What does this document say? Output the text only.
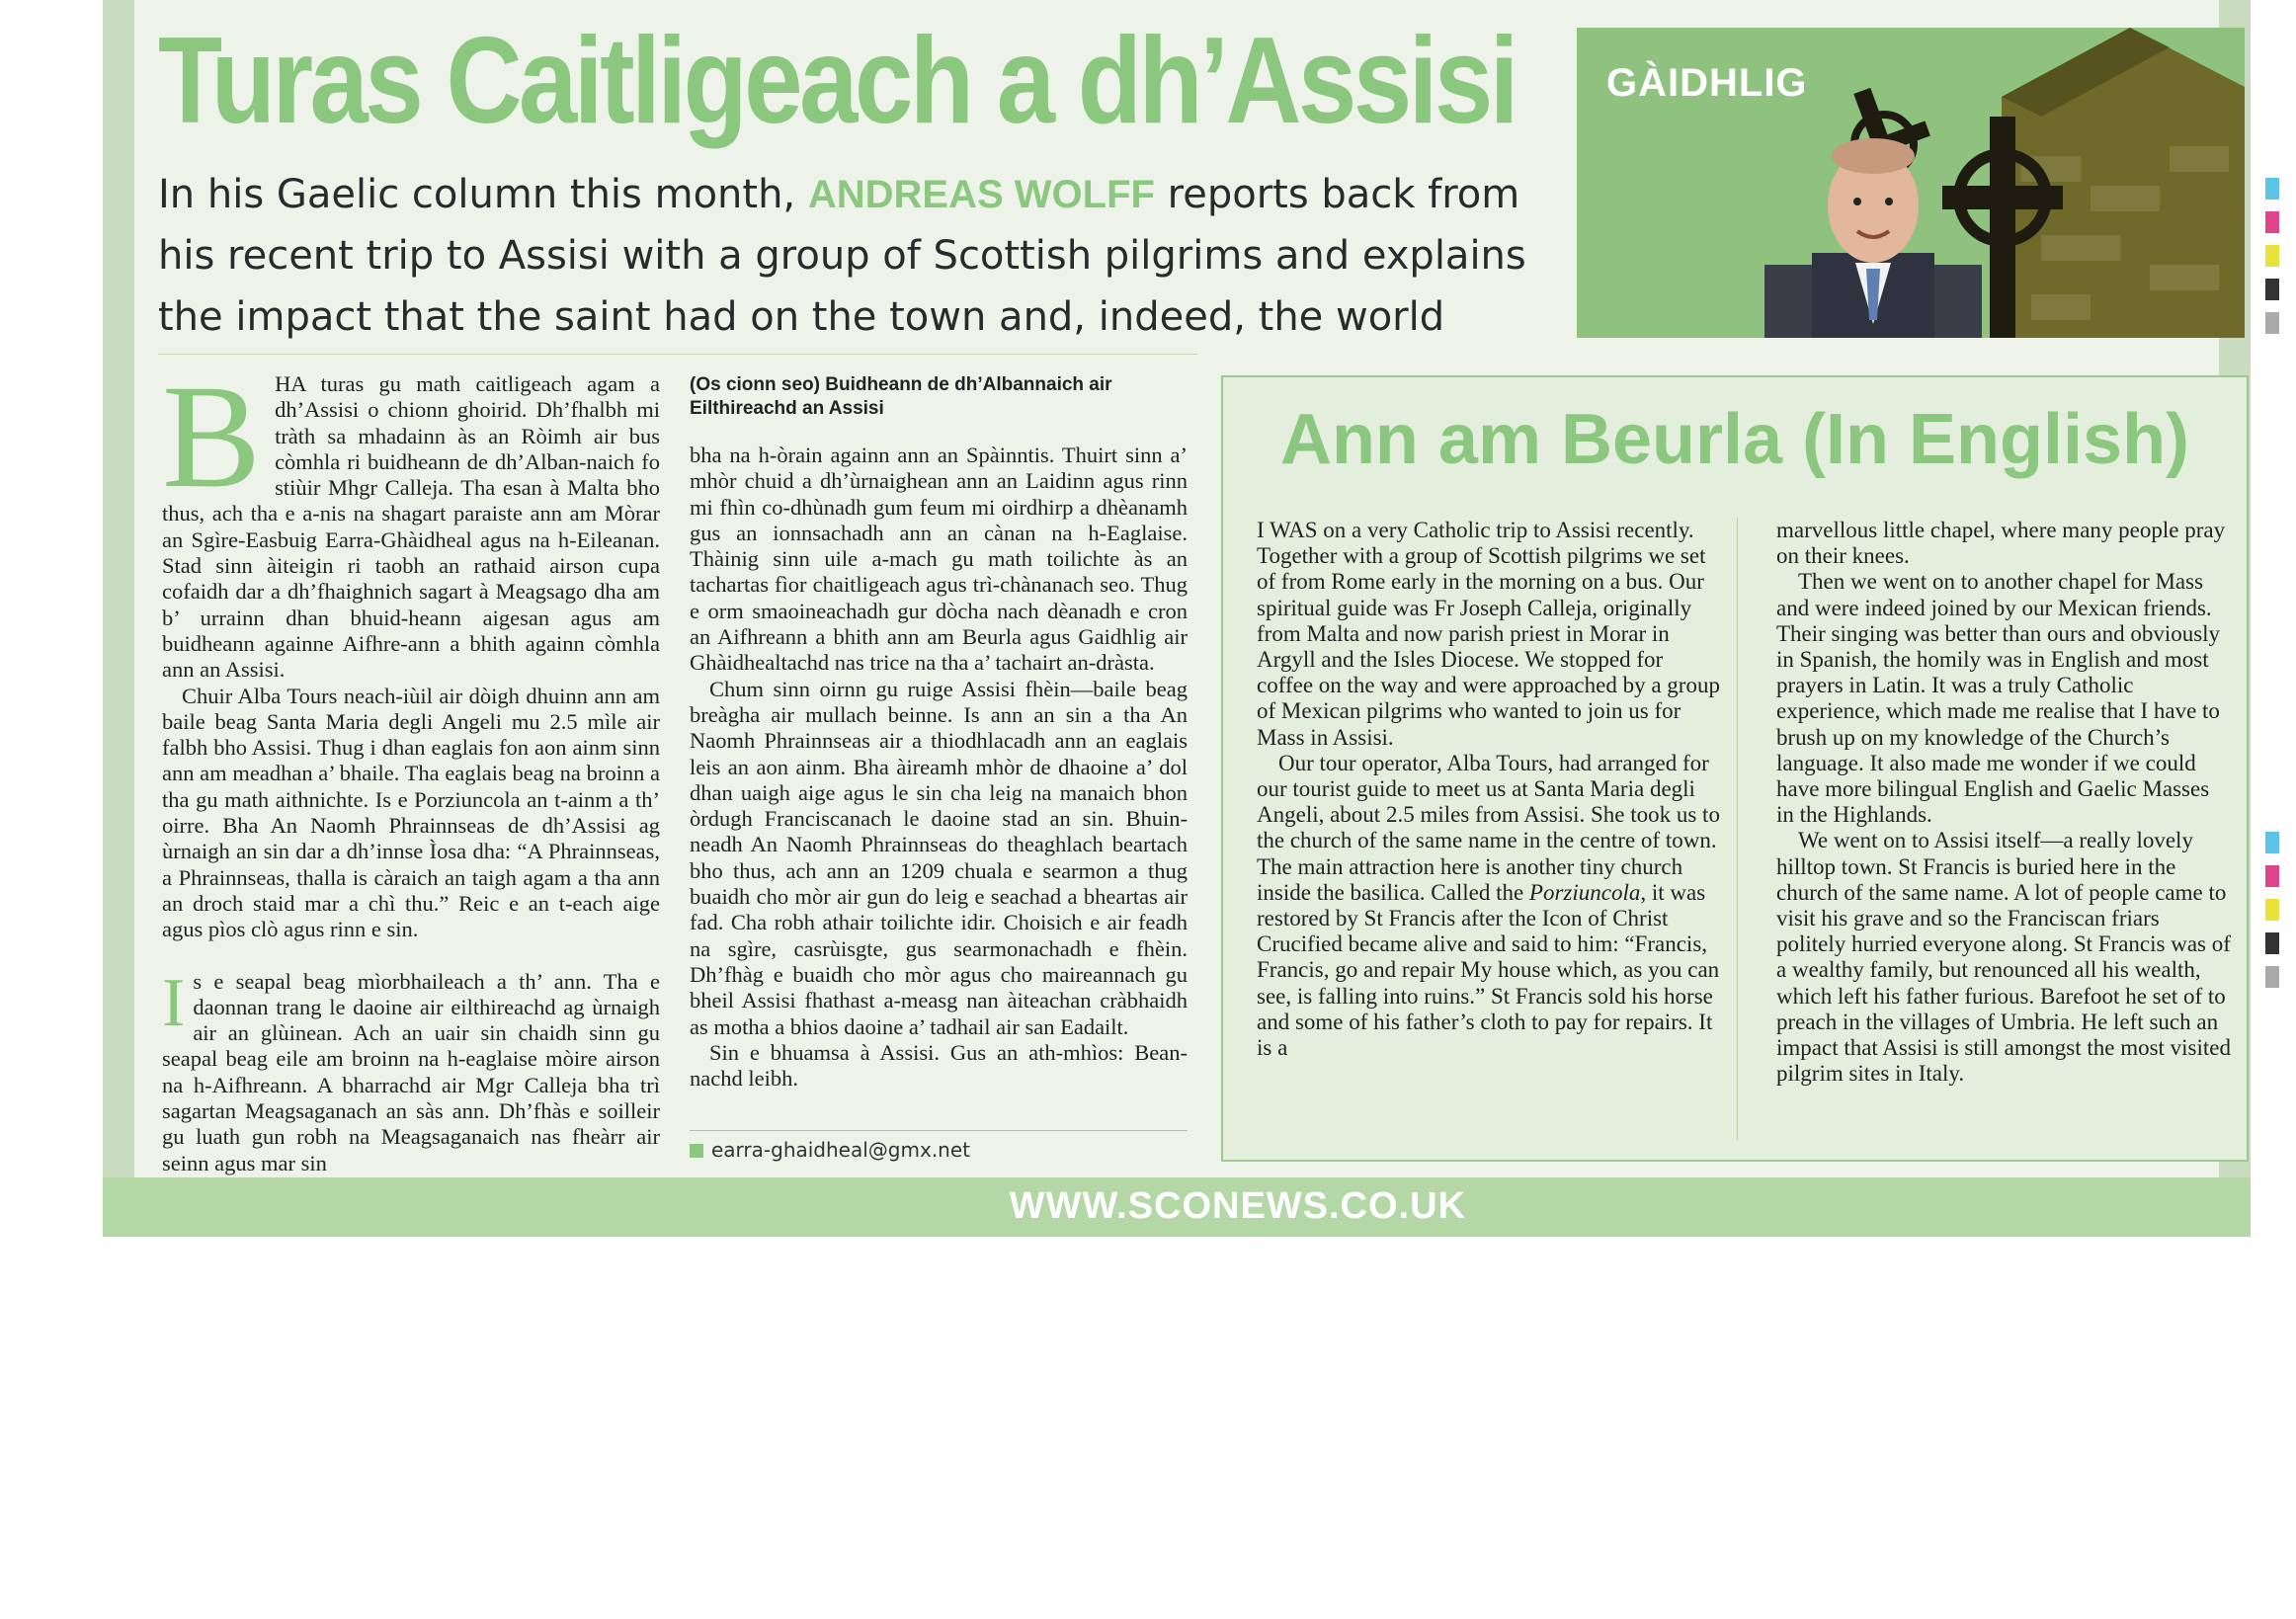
Turas Caitligeach a dh’Assisi
In his Gaelic column this month, ANDREAS WOLFF reports back from his recent trip to Assisi with a group of Scottish pilgrims and explains the impact that the saint had on the town and, indeed, the world
GÀIDHLIG

BHA turas gu math caitligeach agam a dh’Assisi o chionn ghoirid. Dh’fhalbh mi tràth sa mhadainn às an Ròimh air bus còmhla ri buidheann de dh’Alban-naich fo stiùir Mhgr Calleja. Tha esan à Malta bho thus, ach tha e a-nis na shagart paraiste ann am Mòrar an Sgìre-Easbuig Earra-Ghàidheal agus na h-Eileanan. Stad sinn àiteigin ri taobh an rathaid airson cupa cofaidh dar a dh’fhaighnich sagart à Meagsago dha am b’ urrainn dhan bhuid-heann aigesan agus am buidheann againne Aifhre-ann a bhith againn còmhla ann an Assisi.

Chuir Alba Tours neach-iùil air dòigh dhuinn ann am baile beag Santa Maria degli Angeli mu 2.5 mìle air falbh bho Assisi. Thug i dhan eaglais fon aon ainm sinn ann am meadhan a’ bhaile. Tha eaglais beag na broinn a tha gu math aithnichte. Is e Porziuncola an t-ainm a th’ oirre. Bha An Naomh Phrainnseas de dh’Assisi ag ùrnaigh an sin dar a dh’innse Ìosa dha: “A Phrainnseas, a Phrainnseas, thalla is càraich an taigh agam a tha ann an droch staid mar a chì thu.” Reic e an t-each aige agus pìos clò agus rinn e sin.

Is e seapal beag mìorbhaileach a th’ ann. Tha e daonnan trang le daoine air eilthireachd ag ùrnaigh air an glùinean. Ach an uair sin chaidh sinn gu seapal beag eile am broinn na h-eaglaise mòire airson na h-Aifhreann. A bharrachd air Mgr Calleja bha trì sagartan Meagsaganach an sàs ann. Dh’fhàs e soilleir gu luath gun robh na Meagsaganaich nas fheàrr air seinn agus mar sin

(Os cionn seo) Buidheann de dh’Albannaich air Eilthireachd an Assisi

bha na h-òrain againn ann an Spàinntis. Thuirt sinn a’ mhòr chuid a dh’ùrnaighean ann an Laidinn agus rinn mi fhìn co-dhùnadh gum feum mi oirdhirp a dhèanamh gus an ionnsachadh ann an cànan na h-Eaglaise. Thàinig sinn uile a-mach gu math toilichte às an tachartas fìor chaitligeach agus trì-chànanach seo. Thug e orm smaoineachadh gur dòcha nach dèanadh e cron an Aifhreann a bhith ann am Beurla agus Gaidhlig air Ghàidhealtachd nas trice na tha a’ tachairt an-dràsta.

Chum sinn oirnn gu ruige Assisi fhèin—baile beag breàgha air mullach beinne. Is ann an sin a tha An Naomh Phrainnseas air a thiodhlacadh ann an eaglais leis an aon ainm. Bha àireamh mhòr de dhaoine a’ dol dhan uaigh aige agus le sin cha leig na manaich bhon òrdugh Franciscanach le daoine stad an sin. Bhuin-neadh An Naomh Phrainnseas do theaghlach beartach bho thus, ach ann an 1209 chuala e searmon a thug buaidh cho mòr air gun do leig e seachad a bheartas air fad. Cha robh athair toilichte idir. Choisich e air feadh na sgìre, casrùisgte, gus searmonachadh e fhèin. Dh’fhàg e buaidh cho mòr agus cho maireannach gu bheil Assisi fhathast a-measg nan àiteachan cràbhaidh as motha a bhios daoine a’ tadhail air san Eadailt.

Sin e bhuamsa à Assisi. Gus an ath-mhìos: Bean-nachd leibh.

earra-ghaidheal@gmx.net
Ann am Beurla (In English)

I WAS on a very Catholic trip to Assisi recently. Together with a group of Scottish pilgrims we set of from Rome early in the morning on a bus. Our spiritual guide was Fr Joseph Calleja, originally from Malta and now parish priest in Morar in Argyll and the Isles Diocese. We stopped for coffee on the way and were approached by a group of Mexican pilgrims who wanted to join us for Mass in Assisi.

Our tour operator, Alba Tours, had arranged for our tourist guide to meet us at Santa Maria degli Angeli, about 2.5 miles from Assisi. She took us to the church of the same name in the centre of town. The main attraction here is another tiny church inside the basilica. Called the Porziuncola, it was restored by St Francis after the Icon of Christ Crucified became alive and said to him: “Francis, Francis, go and repair My house which, as you can see, is falling into ruins.” St Francis sold his horse and some of his father’s cloth to pay for repairs. It is a

marvellous little chapel, where many people pray on their knees.

Then we went on to another chapel for Mass and were indeed joined by our Mexican friends. Their singing was better than ours and obviously in Spanish, the homily was in English and most prayers in Latin. It was a truly Catholic experience, which made me realise that I have to brush up on my knowledge of the Church’s language. It also made me wonder if we could have more bilingual English and Gaelic Masses in the Highlands.

We went on to Assisi itself—a really lovely hilltop town. St Francis is buried here in the church of the same name. A lot of people came to visit his grave and so the Franciscan friars politely hurried everyone along. St Francis was of a wealthy family, but renounced all his wealth, which left his father furious. Barefoot he set of to preach in the villages of Umbria. He left such an impact that Assisi is still amongst the most visited pilgrim sites in Italy.

WWW.SCONEWS.CO.UK
